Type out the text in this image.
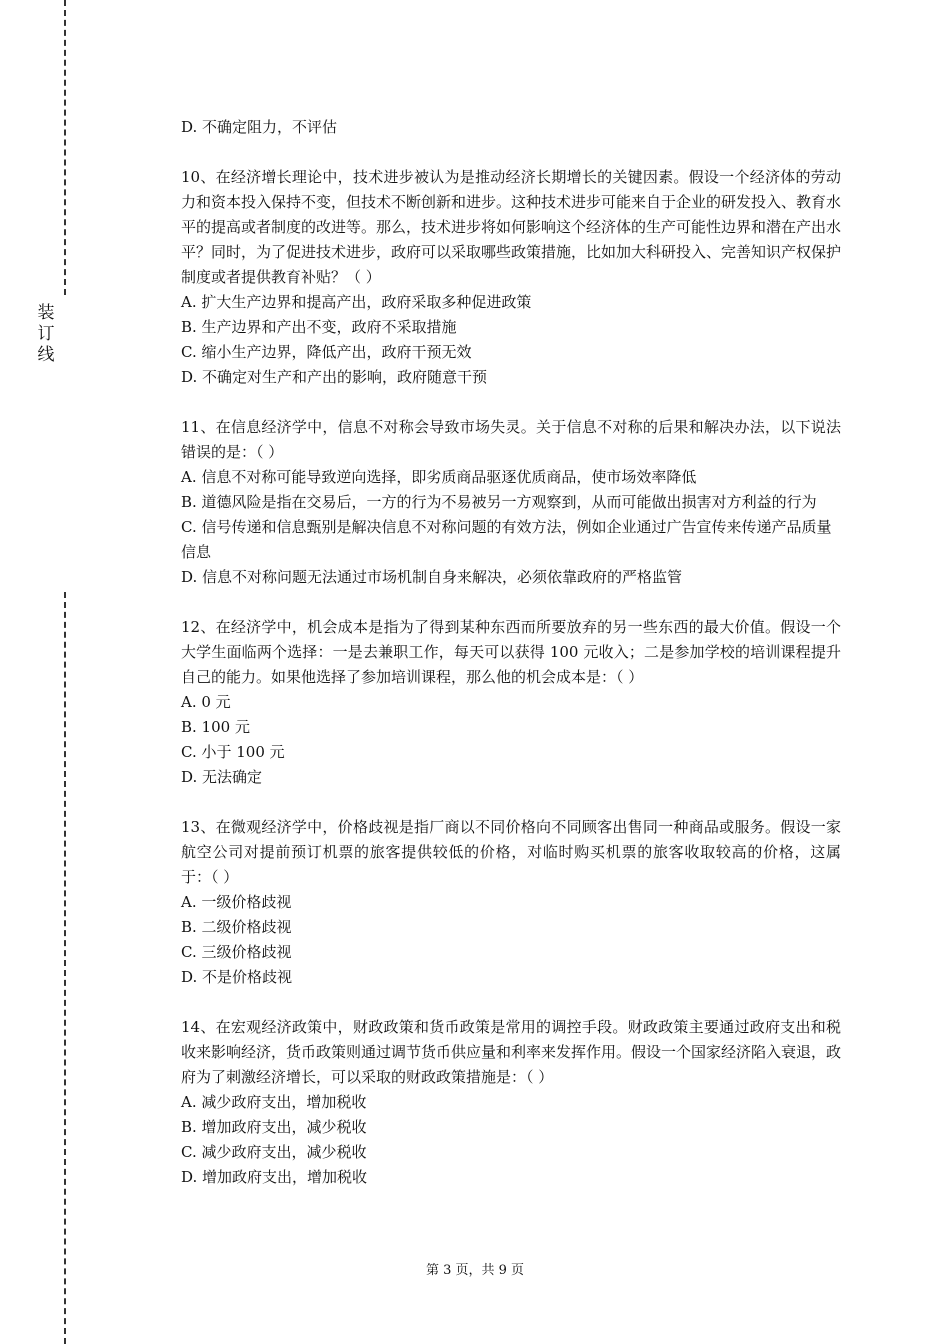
装
订
线

D. 不确定阻力，不评估

10、在经济增长理论中，技术进步被认为是推动经济长期增长的关键因素。假设一个经济体的劳动力和资本投入保持不变，但技术不断创新和进步。这种技术进步可能来自于企业的研发投入、教育水平的提高或者制度的改进等。那么，技术进步将如何影响这个经济体的生产可能性边界和潜在产出水平？同时，为了促进技术进步，政府可以采取哪些政策措施，比如加大科研投入、完善知识产权保护制度或者提供教育补贴？（ ）

A. 扩大生产边界和提高产出，政府采取多种促进政策

B. 生产边界和产出不变，政府不采取措施

C. 缩小生产边界，降低产出，政府干预无效

D. 不确定对生产和产出的影响，政府随意干预

11、在信息经济学中，信息不对称会导致市场失灵。关于信息不对称的后果和解决办法，以下说法错误的是：（ ）

A. 信息不对称可能导致逆向选择，即劣质商品驱逐优质商品，使市场效率降低

B. 道德风险是指在交易后，一方的行为不易被另一方观察到，从而可能做出损害对方利益的行为

C. 信号传递和信息甄别是解决信息不对称问题的有效方法，例如企业通过广告宣传来传递产品质量信息

D. 信息不对称问题无法通过市场机制自身来解决，必须依靠政府的严格监管

12、在经济学中，机会成本是指为了得到某种东西而所要放弃的另一些东西的最大价值。假设一个大学生面临两个选择：一是去兼职工作，每天可以获得 100 元收入；二是参加学校的培训课程提升自己的能力。如果他选择了参加培训课程，那么他的机会成本是：（ ）

A. 0 元

B. 100 元

C. 小于 100 元

D. 无法确定

13、在微观经济学中，价格歧视是指厂商以不同价格向不同顾客出售同一种商品或服务。假设一家航空公司对提前预订机票的旅客提供较低的价格，对临时购买机票的旅客收取较高的价格，这属于：（ ）

A. 一级价格歧视

B. 二级价格歧视

C. 三级价格歧视

D. 不是价格歧视

14、在宏观经济政策中，财政政策和货币政策是常用的调控手段。财政政策主要通过政府支出和税收来影响经济，货币政策则通过调节货币供应量和利率来发挥作用。假设一个国家经济陷入衰退，政府为了刺激经济增长，可以采取的财政政策措施是：（ ）

A. 减少政府支出，增加税收

B. 增加政府支出，减少税收

C. 减少政府支出，减少税收

D. 增加政府支出，增加税收

第 3 页，共 9 页
